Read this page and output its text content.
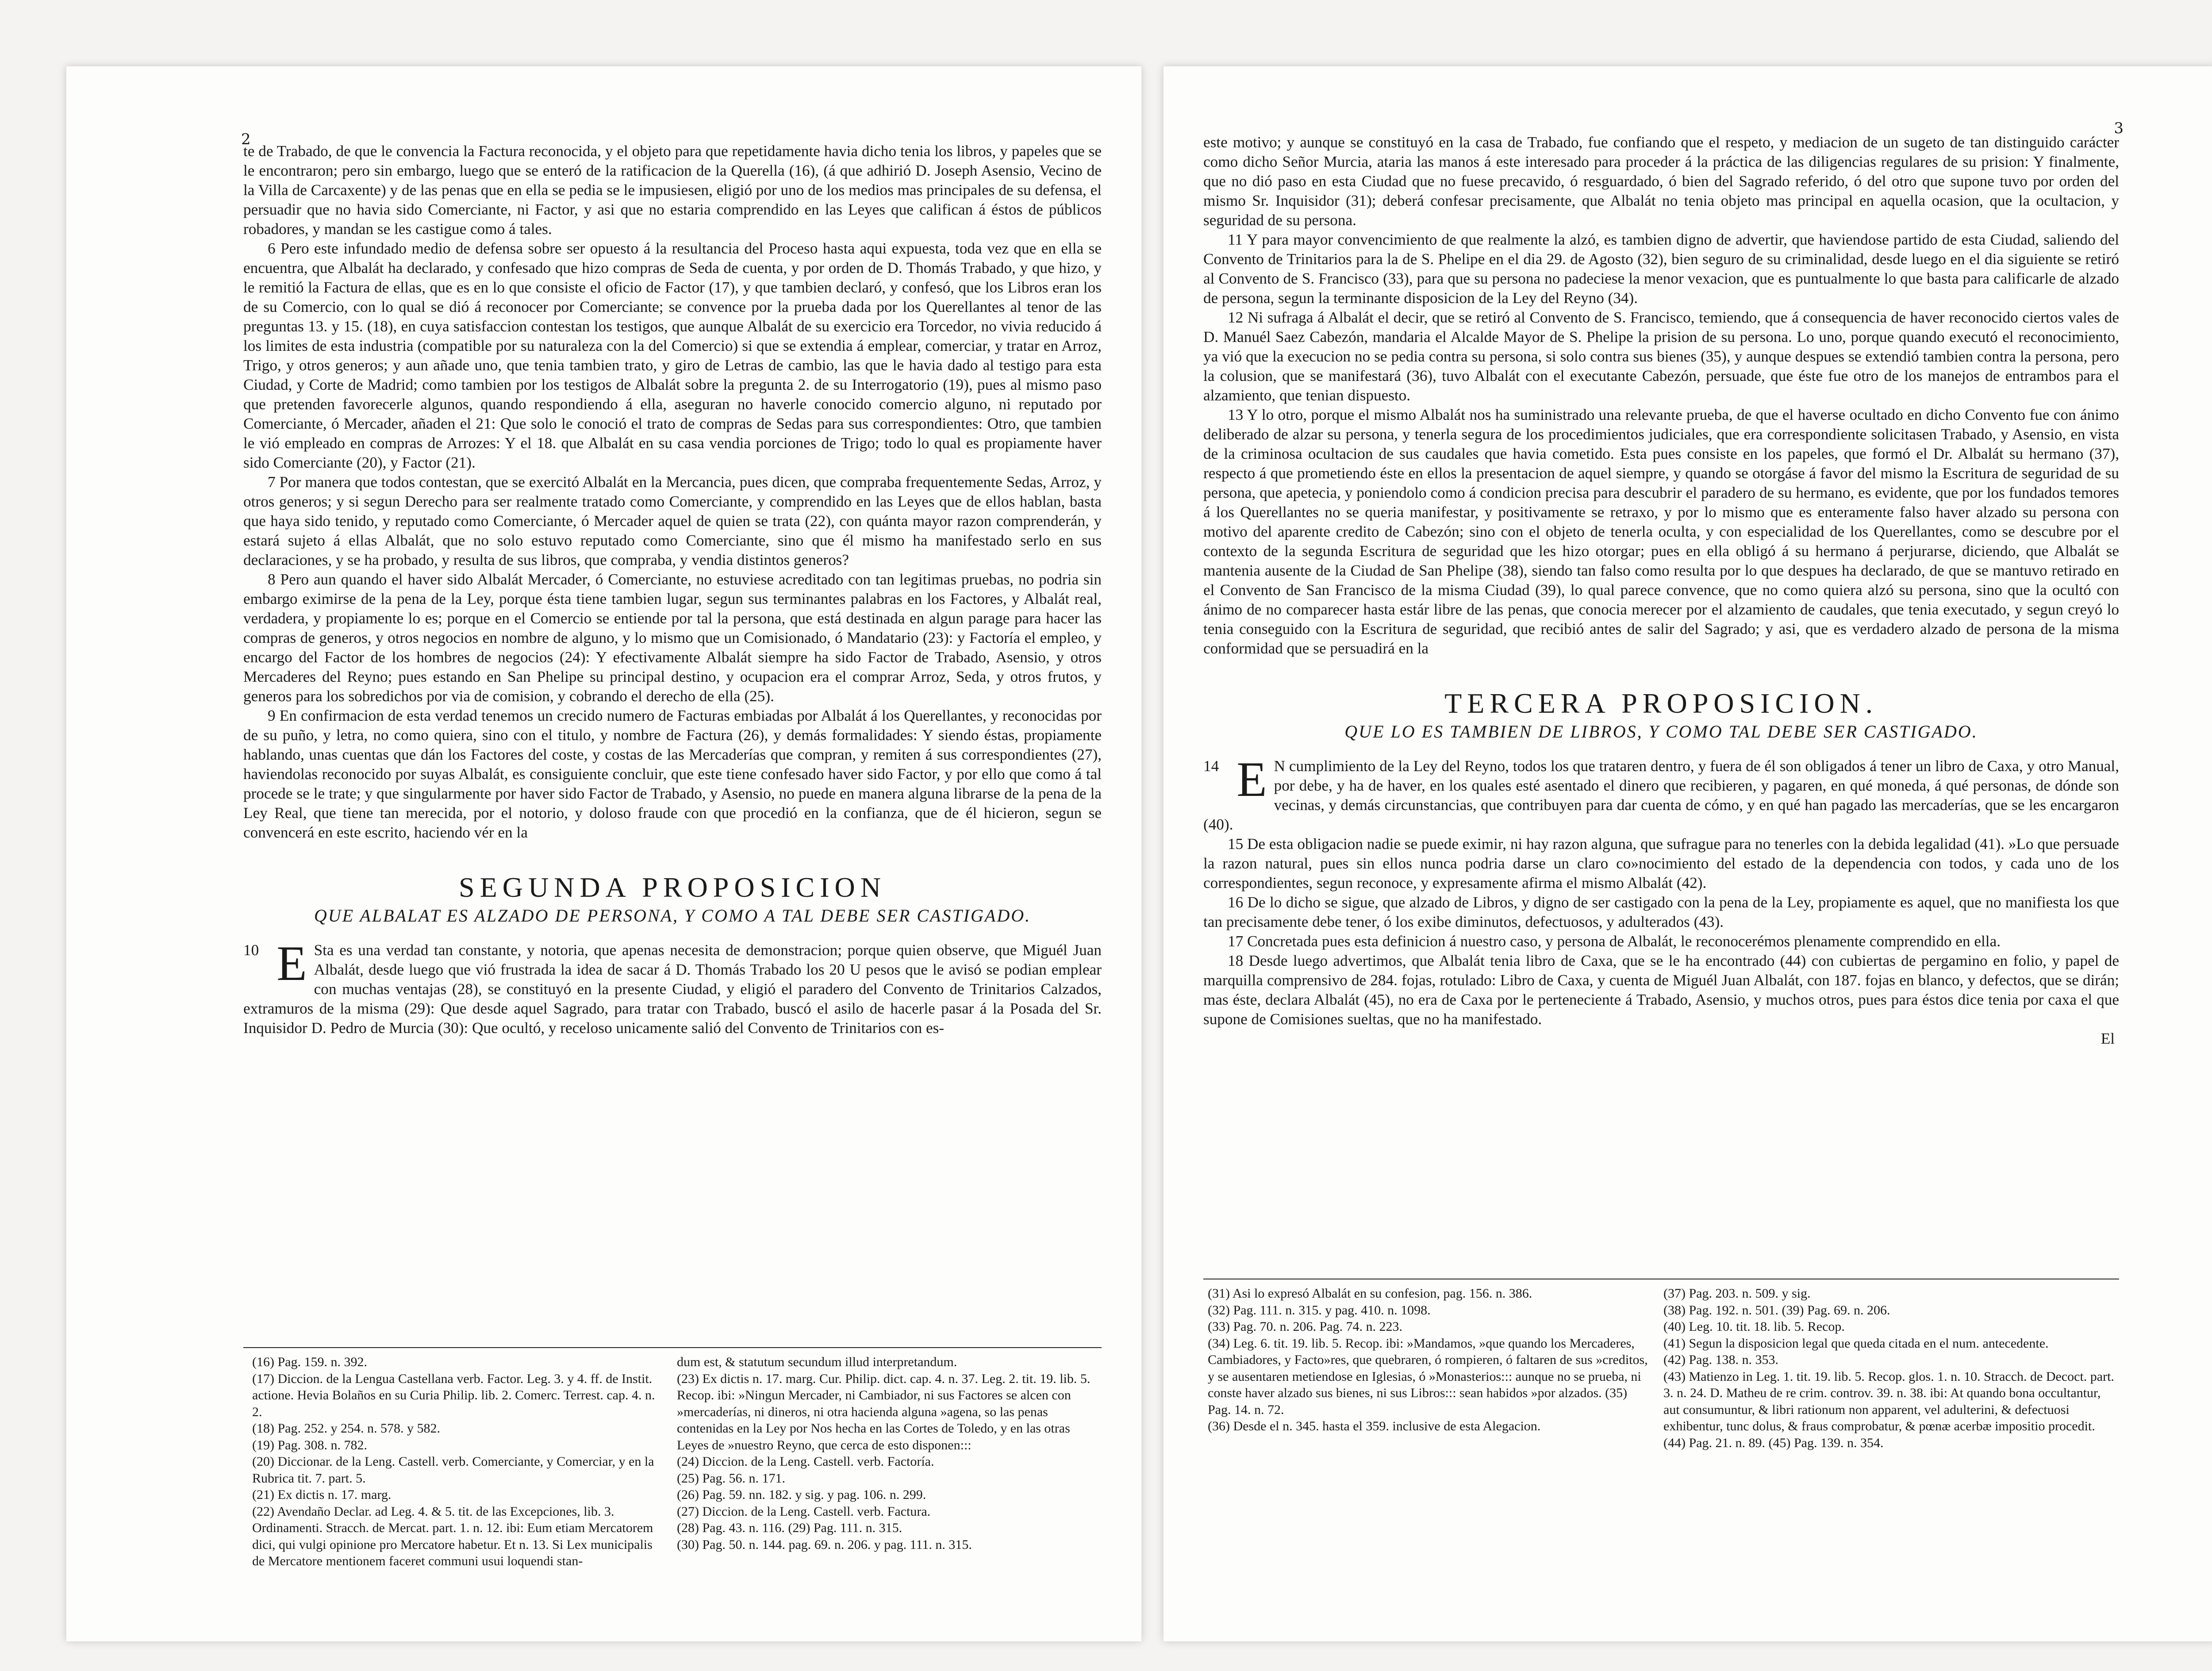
2

te de Trabado, de que le convencia la Factura reconocida, y el objeto para que repetidamente havia dicho tenia los libros, y papeles que se le encontraron; pero sin embargo, luego que se enteró de la ratificacion de la Querella (16), (á que adhirió D. Joseph Asensio, Vecino de la Villa de Carcaxente) y de las penas que en ella se pedia se le impusiesen, eligió por uno de los medios mas principales de su defensa, el persuadir que no havia sido Comerciante, ni Factor, y asi que no estaria comprendido en las Leyes que califican á éstos de públicos robadores, y mandan se les castigue como á tales.

6 Pero este infundado medio de defensa sobre ser opuesto á la resultancia del Proceso hasta aqui expuesta, toda vez que en ella se encuentra, que Albalát ha declarado, y confesado que hizo compras de Seda de cuenta, y por orden de D. Thomás Trabado, y que hizo, y le remitió la Factura de ellas, que es en lo que consiste el oficio de Factor (17), y que tambien declaró, y confesó, que los Libros eran los de su Comercio, con lo qual se dió á reconocer por Comerciante; se convence por la prueba dada por los Querellantes al tenor de las preguntas 13. y 15. (18), en cuya satisfaccion contestan los testigos, que aunque Albalát de su exercicio era Torcedor, no vivia reducido á los limites de esta industria (compatible por su naturaleza con la del Comercio) si que se extendia á emplear, comerciar, y tratar en Arroz, Trigo, y otros generos; y aun añade uno, que tenia tambien trato, y giro de Letras de cambio, las que le havia dado al testigo para esta Ciudad, y Corte de Madrid; como tambien por los testigos de Albalát sobre la pregunta 2. de su Interrogatorio (19), pues al mismo paso que pretenden favorecerle algunos, quando respondiendo á ella, aseguran no haverle conocido comercio alguno, ni reputado por Comerciante, ó Mercader, añaden el 21: Que solo le conoció el trato de compras de Sedas para sus correspondientes: Otro, que tambien le vió empleado en compras de Arrozes: Y el 18. que Albalát en su casa vendia porciones de Trigo; todo lo qual es propiamente haver sido Comerciante (20), y Factor (21).

7 Por manera que todos contestan, que se exercitó Albalát en la Mercancia, pues dicen, que compraba frequentemente Sedas, Arroz, y otros generos; y si segun Derecho para ser realmente tratado como Comerciante, y comprendido en las Leyes que de ellos hablan, basta que haya sido tenido, y reputado como Comerciante, ó Mercader aquel de quien se trata (22), con quánta mayor razon comprenderán, y estará sujeto á ellas Albalát, que no solo estuvo reputado como Comerciante, sino que él mismo ha manifestado serlo en sus declaraciones, y se ha probado, y resulta de sus libros, que compraba, y vendia distintos generos?

8 Pero aun quando el haver sido Albalát Mercader, ó Comerciante, no estuviese acreditado con tan legitimas pruebas, no podria sin embargo eximirse de la pena de la Ley, porque ésta tiene tambien lugar, segun sus terminantes palabras en los Factores, y Albalát real, verdadera, y propiamente lo es; porque en el Comercio se entiende por tal la persona, que está destinada en algun parage para hacer las compras de generos, y otros negocios en nombre de alguno, y lo mismo que un Comisionado, ó Mandatario (23): y Factoría el empleo, y encargo del Factor de los hombres de negocios (24): Y efectivamente Albalát siempre ha sido Factor de Trabado, Asensio, y otros Mercaderes del Reyno; pues estando en San Phelipe su principal destino, y ocupacion era el comprar Arroz, Seda, y otros frutos, y generos para los sobredichos por via de comision, y cobrando el derecho de ella (25).

9 En confirmacion de esta verdad tenemos un crecido numero de Facturas embiadas por Albalát á los Querellantes, y reconocidas por de su puño, y letra, no como quiera, sino con el titulo, y nombre de Factura (26), y demás formalidades: Y siendo éstas, propiamente hablando, unas cuentas que dán los Factores del coste, y costas de las Mercaderías que compran, y remiten á sus correspondientes (27), haviendolas reconocido por suyas Albalát, es consiguiente concluir, que este tiene confesado haver sido Factor, y por ello que como á tal procede se le trate; y que singularmente por haver sido Factor de Trabado, y Asensio, no puede en manera alguna librarse de la pena de la Ley Real, que tiene tan merecida, por el notorio, y doloso fraude con que procedió en la confianza, que de él hicieron, segun se convencerá en este escrito, haciendo vér en la

SEGUNDA PROPOSICION
QUE ALBALAT ES ALZADO DE PERSONA, Y COMO A TAL DEBE SER CASTIGADO.

10 E Sta es una verdad tan constante, y notoria, que apenas necesita de demonstracion; porque quien observe, que Miguél Juan Albalát, desde luego que vió frustrada la idea de sacar á D. Thomás Trabado los 20 U pesos que le avisó se podian emplear con muchas ventajas (28), se constituyó en la presente Ciudad, y eligió el paradero del Convento de Trinitarios Calzados, extramuros de la misma (29): Que desde aquel Sagrado, para tratar con Trabado, buscó el asilo de hacerle pasar á la Posada del Sr. Inquisidor D. Pedro de Murcia (30): Que ocultó, y receloso unicamente salió del Convento de Trinitarios con es-

(16) Pag. 159. n. 392.
(17) Diccion. de la Lengua Castellana verb. Factor. Leg. 3. y 4. ff. de Instit. actione. Hevia Bolaños en su Curia Philip. lib. 2. Comerc. Terrest. cap. 4. n. 2.
(18) Pag. 252. y 254. n. 578. y 582.
(19) Pag. 308. n. 782.
(20) Diccionar. de la Leng. Castell. verb. Comerciante, y Comerciar, y en la Rubrica tit. 7. part. 5.
(21) Ex dictis n. 17. marg.
(22) Avendaño Declar. ad Leg. 4. & 5. tit. de las Excepciones, lib. 3. Ordinamenti. Stracch. de Mercat. part. 1. n. 12. ibi: Eum etiam Mercatorem dici, qui vulgi opinione pro Mercatore habetur. Et n. 13. Si Lex municipalis de Mercatore mentionem faceret communi usui loquendi stan-
dum est, & statutum secundum illud interpretandum.
(23) Ex dictis n. 17. marg. Cur. Philip. dict. cap. 4. n. 37. Leg. 2. tit. 19. lib. 5. Recop. ibi: »Ningun Mercader, ni Cambiador, ni sus Factores se alcen con »mercaderías, ni dineros, ni otra hacienda alguna »agena, so las penas contenidas en la Ley por Nos hecha en las Cortes de Toledo, y en las otras Leyes de »nuestro Reyno, que cerca de esto disponen:::
(24) Diccion. de la Leng. Castell. verb. Factoría.
(25) Pag. 56. n. 171.
(26) Pag. 59. nn. 182. y sig. y pag. 106. n. 299.
(27) Diccion. de la Leng. Castell. verb. Factura.
(28) Pag. 43. n. 116. (29) Pag. 111. n. 315.
(30) Pag. 50. n. 144. pag. 69. n. 206. y pag. 111. n. 315.
3

este motivo; y aunque se constituyó en la casa de Trabado, fue confiando que el respeto, y mediacion de un sugeto de tan distinguido carácter como dicho Señor Murcia, ataria las manos á este interesado para proceder á la práctica de las diligencias regulares de su prision: Y finalmente, que no dió paso en esta Ciudad que no fuese precavido, ó resguardado, ó bien del Sagrado referido, ó del otro que supone tuvo por orden del mismo Sr. Inquisidor (31); deberá confesar precisamente, que Albalát no tenia objeto mas principal en aquella ocasion, que la ocultacion, y seguridad de su persona.

11 Y para mayor convencimiento de que realmente la alzó, es tambien digno de advertir, que haviendose partido de esta Ciudad, saliendo del Convento de Trinitarios para la de S. Phelipe en el dia 29. de Agosto (32), bien seguro de su criminalidad, desde luego en el dia siguiente se retiró al Convento de S. Francisco (33), para que su persona no padeciese la menor vexacion, que es puntualmente lo que basta para calificarle de alzado de persona, segun la terminante disposicion de la Ley del Reyno (34).

12 Ni sufraga á Albalát el decir, que se retiró al Convento de S. Francisco, temiendo, que á consequencia de haver reconocido ciertos vales de D. Manuél Saez Cabezón, mandaria el Alcalde Mayor de S. Phelipe la prision de su persona. Lo uno, porque quando executó el reconocimiento, ya vió que la execucion no se pedia contra su persona, si solo contra sus bienes (35), y aunque despues se extendió tambien contra la persona, pero la colusion, que se manifestará (36), tuvo Albalát con el executante Cabezón, persuade, que éste fue otro de los manejos de entrambos para el alzamiento, que tenian dispuesto.

13 Y lo otro, porque el mismo Albalát nos ha suministrado una relevante prueba, de que el haverse ocultado en dicho Convento fue con ánimo deliberado de alzar su persona, y tenerla segura de los procedimientos judiciales, que era correspondiente solicitasen Trabado, y Asensio, en vista de la criminosa ocultacion de sus caudales que havia cometido. Esta pues consiste en los papeles, que formó el Dr. Albalát su hermano (37), respecto á que prometiendo éste en ellos la presentacion de aquel siempre, y quando se otorgáse á favor del mismo la Escritura de seguridad de su persona, que apetecia, y poniendolo como á condicion precisa para descubrir el paradero de su hermano, es evidente, que por los fundados temores á los Querellantes no se queria manifestar, y positivamente se retraxo, y por lo mismo que es enteramente falso haver alzado su persona con motivo del aparente credito de Cabezón; sino con el objeto de tenerla oculta, y con especialidad de los Querellantes, como se descubre por el contexto de la segunda Escritura de seguridad que les hizo otorgar; pues en ella obligó á su hermano á perjurarse, diciendo, que Albalát se mantenia ausente de la Ciudad de San Phelipe (38), siendo tan falso como resulta por lo que despues ha declarado, de que se mantuvo retirado en el Convento de San Francisco de la misma Ciudad (39), lo qual parece convence, que no como quiera alzó su persona, sino que la ocultó con ánimo de no comparecer hasta estár libre de las penas, que conocia merecer por el alzamiento de caudales, que tenia executado, y segun creyó lo tenia conseguido con la Escritura de seguridad, que recibió antes de salir del Sagrado; y asi, que es verdadero alzado de persona de la misma conformidad que se persuadirá en la

TERCERA PROPOSICION.
QUE LO ES TAMBIEN DE LIBROS, Y COMO TAL DEBE SER CASTIGADO.

14 E N cumplimiento de la Ley del Reyno, todos los que trataren dentro, y fuera de él son obligados á tener un libro de Caxa, y otro Manual, por debe, y ha de haver, en los quales esté asentado el dinero que recibieren, y pagaren, en qué moneda, á qué personas, de dónde son vecinas, y demás circunstancias, que contribuyen para dar cuenta de cómo, y en qué han pagado las mercaderías, que se les encargaron (40).

15 De esta obligacion nadie se puede eximir, ni hay razon alguna, que sufrague para no tenerles con la debida legalidad (41). »Lo que persuade la razon natural, pues sin ellos nunca podria darse un claro co»nocimiento del estado de la dependencia con todos, y cada uno de los correspondientes, segun reconoce, y expresamente afirma el mismo Albalát (42).

16 De lo dicho se sigue, que alzado de Libros, y digno de ser castigado con la pena de la Ley, propiamente es aquel, que no manifiesta los que tan precisamente debe tener, ó los exibe diminutos, defectuosos, y adulterados (43).

17 Concretada pues esta definicion á nuestro caso, y persona de Albalát, le reconocerémos plenamente comprendido en ella.

18 Desde luego advertimos, que Albalát tenia libro de Caxa, que se le ha encontrado (44) con cubiertas de pergamino en folio, y papel de marquilla comprensivo de 284. fojas, rotulado: Libro de Caxa, y cuenta de Miguél Juan Albalát, con 187. fojas en blanco, y defectos, que se dirán; mas éste, declara Albalát (45), no era de Caxa por le perteneciente á Trabado, Asensio, y muchos otros, pues para éstos dice tenia por caxa el que supone de Comisiones sueltas, que no ha manifestado.

El
(31) Asi lo expresó Albalát en su confesion, pag. 156. n. 386.
(32) Pag. 111. n. 315. y pag. 410. n. 1098.
(33) Pag. 70. n. 206. Pag. 74. n. 223.
(34) Leg. 6. tit. 19. lib. 5. Recop. ibi: »Mandamos, »que quando los Mercaderes, Cambiadores, y Facto»res, que quebraren, ó rompieren, ó faltaren de sus »creditos, y se ausentaren metiendose en Iglesias, ó »Monasterios::: aunque no se prueba, ni conste haver alzado sus bienes, ni sus Libros::: sean habidos »por alzados. (35) Pag. 14. n. 72.
(36) Desde el n. 345. hasta el 359. inclusive de esta Alegacion.
(37) Pag. 203. n. 509. y sig.
(38) Pag. 192. n. 501. (39) Pag. 69. n. 206.
(40) Leg. 10. tit. 18. lib. 5. Recop.
(41) Segun la disposicion legal que queda citada en el num. antecedente.
(42) Pag. 138. n. 353.
(43) Matienzo in Leg. 1. tit. 19. lib. 5. Recop. glos. 1. n. 10. Stracch. de Decoct. part. 3. n. 24. D. Matheu de re crim. controv. 39. n. 38. ibi: At quando bona occultantur, aut consumuntur, & libri rationum non apparent, vel adulterini, & defectuosi exhibentur, tunc dolus, & fraus comprobatur, & pœnæ acerbæ impositio procedit.
(44) Pag. 21. n. 89. (45) Pag. 139. n. 354.
